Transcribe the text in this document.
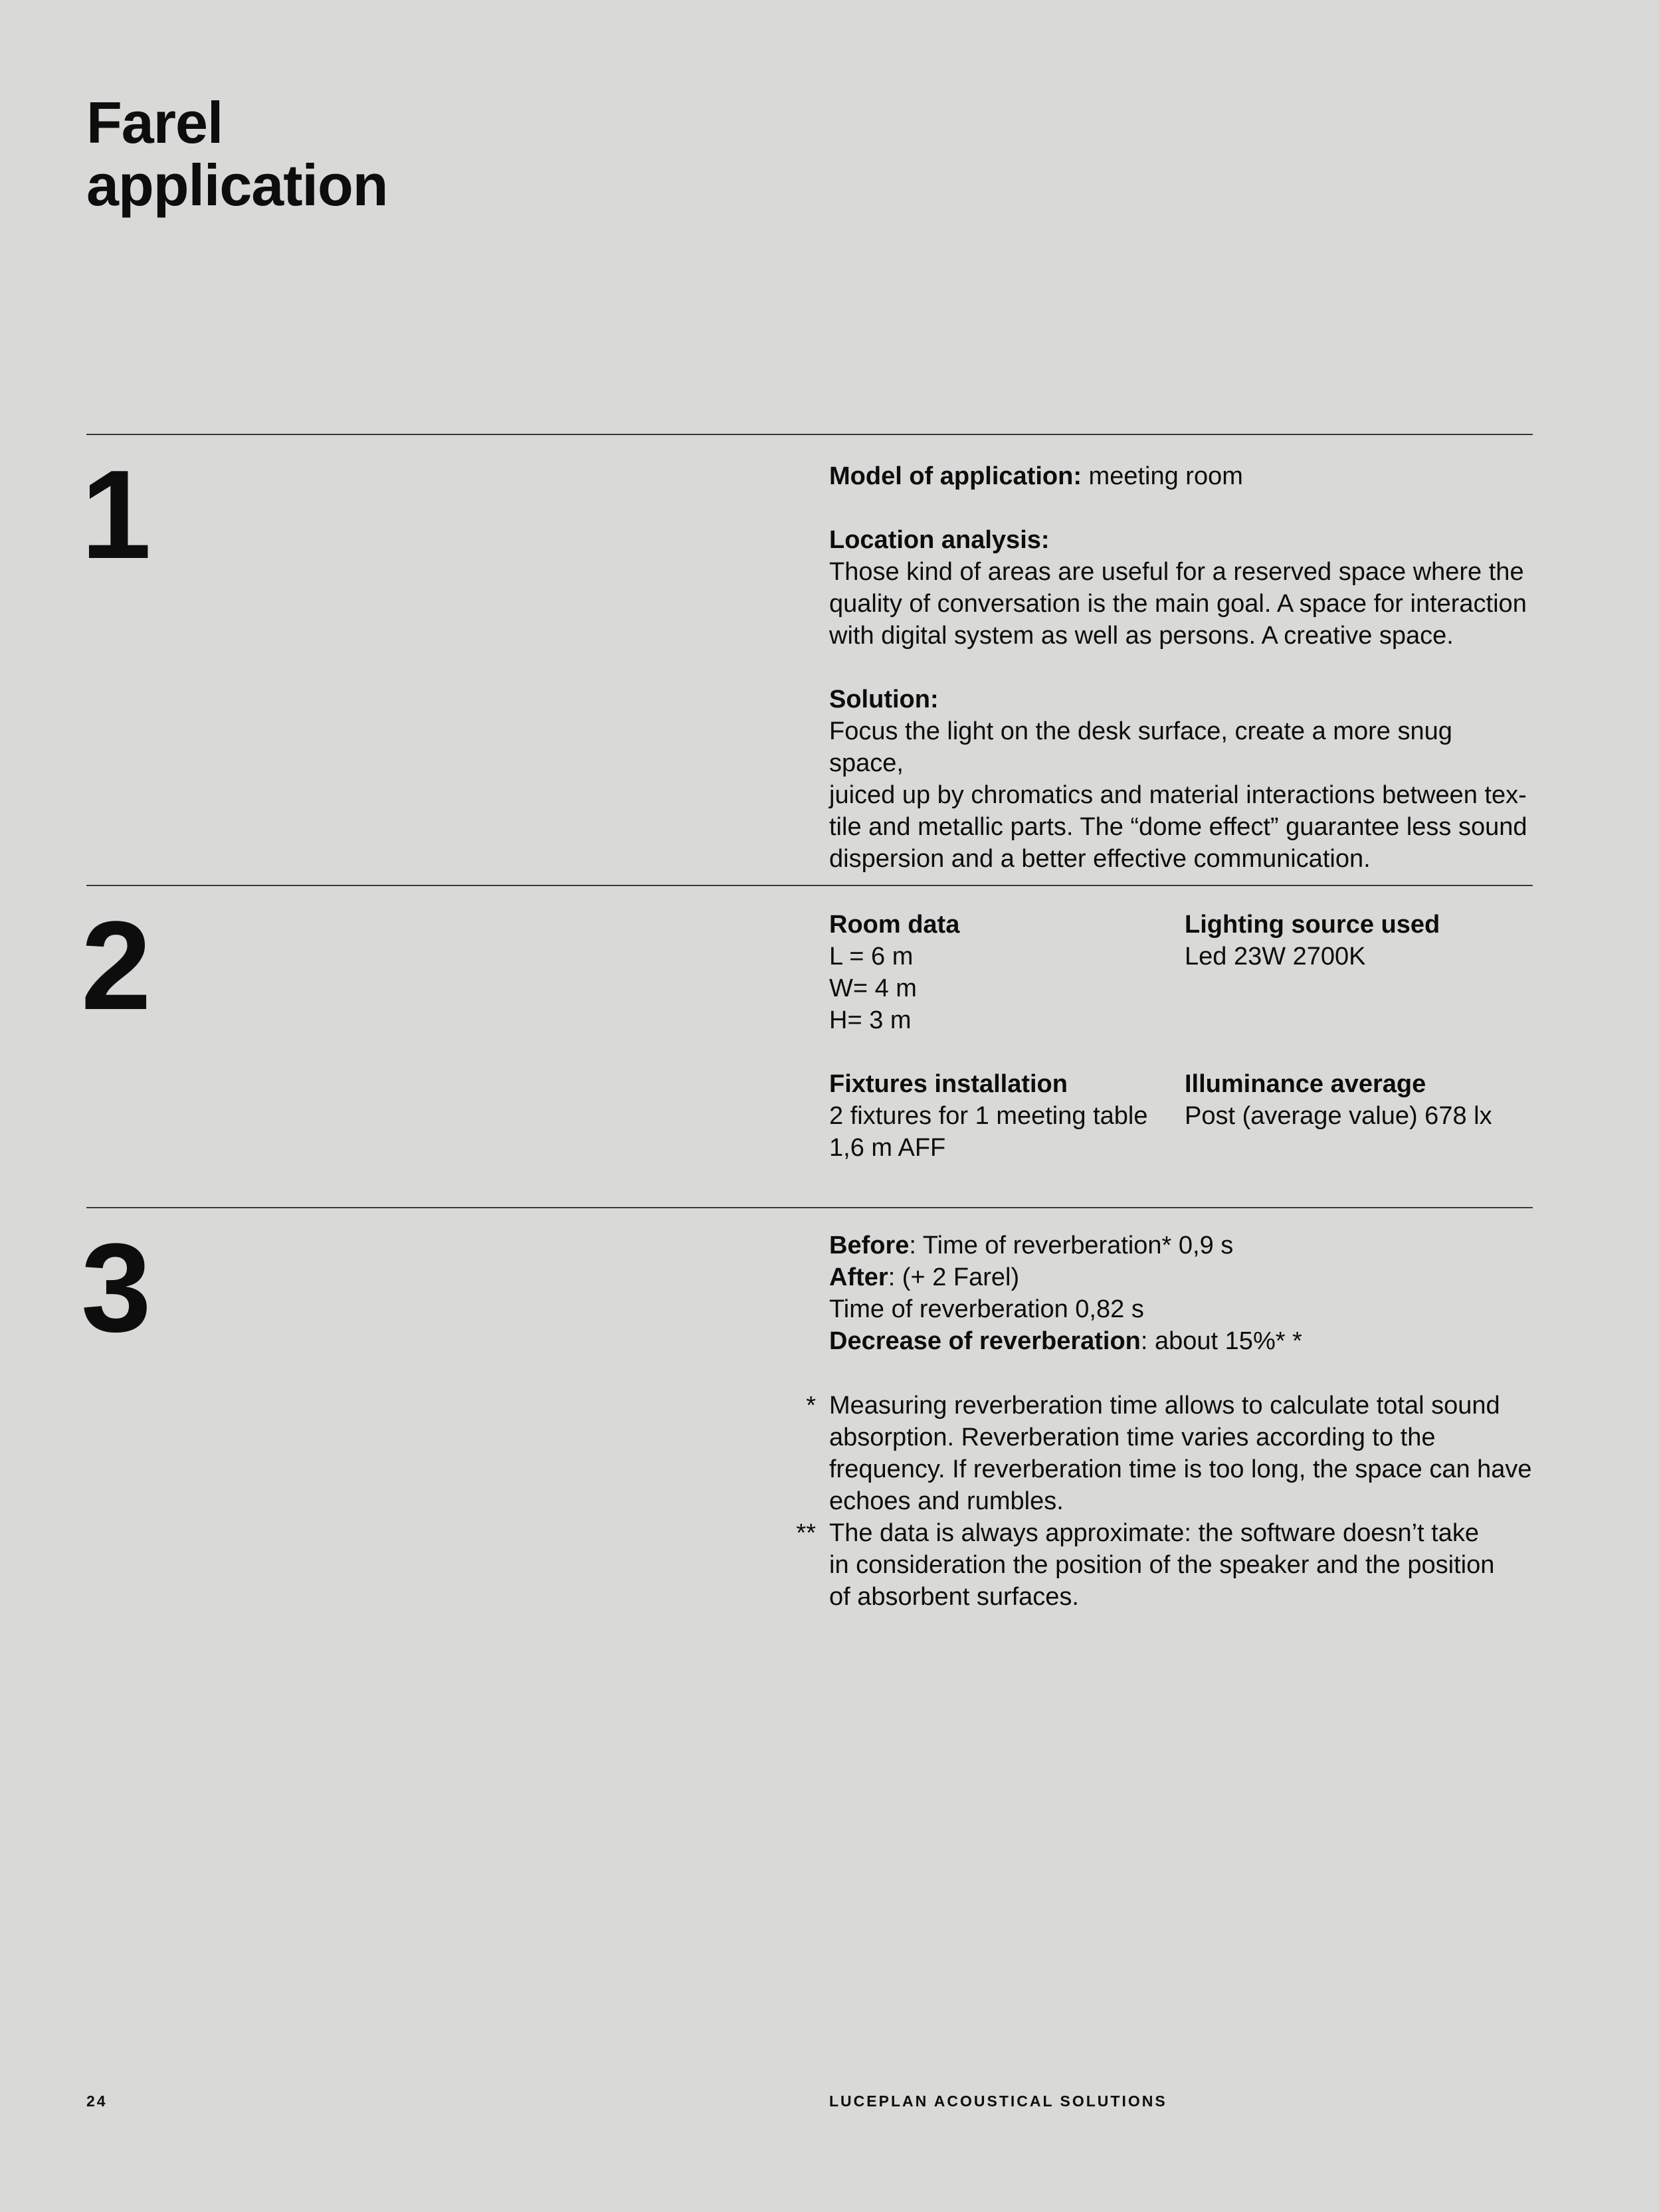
Farel
application
1	Model of application: meeting room

Location analysis:

Those kind of areas are useful for a reserved space where the

quality of conversation is the main goal. A space for interaction

with digital system as well as persons. A creative space.

Solution:

Focus the light on the desk surface, create a more snug space,

juiced up by chromatics and material interactions between tex-

tile and metallic parts. The “dome effect” guarantee less sound

dispersion and a better effective communication.

2	Room data

L = 6 m

W= 4 m

H= 3 m

Lighting source used

Led 23W 2700K

Fixtures installation

2 fixtures for 1 meeting table

1,6 m AFF

Illuminance average

Post (average value) 678 lx

3	Before: Time of reverberation* 0,9 s

After: (+ 2 Farel)

Time of reverberation 0,82 s

Decrease of reverberation: about 15%* *

* Measuring reverberation time allows to calculate total sound

absorption. Reverberation time varies according to the

frequency. If reverberation time is too long, the space can have

echoes and rumbles.

** The data is always approximate: the software doesn’t take

in consideration the position of the speaker and the position

of absorbent surfaces.

24	LUCEPLAN ACOUSTICAL SOLUTIONS
